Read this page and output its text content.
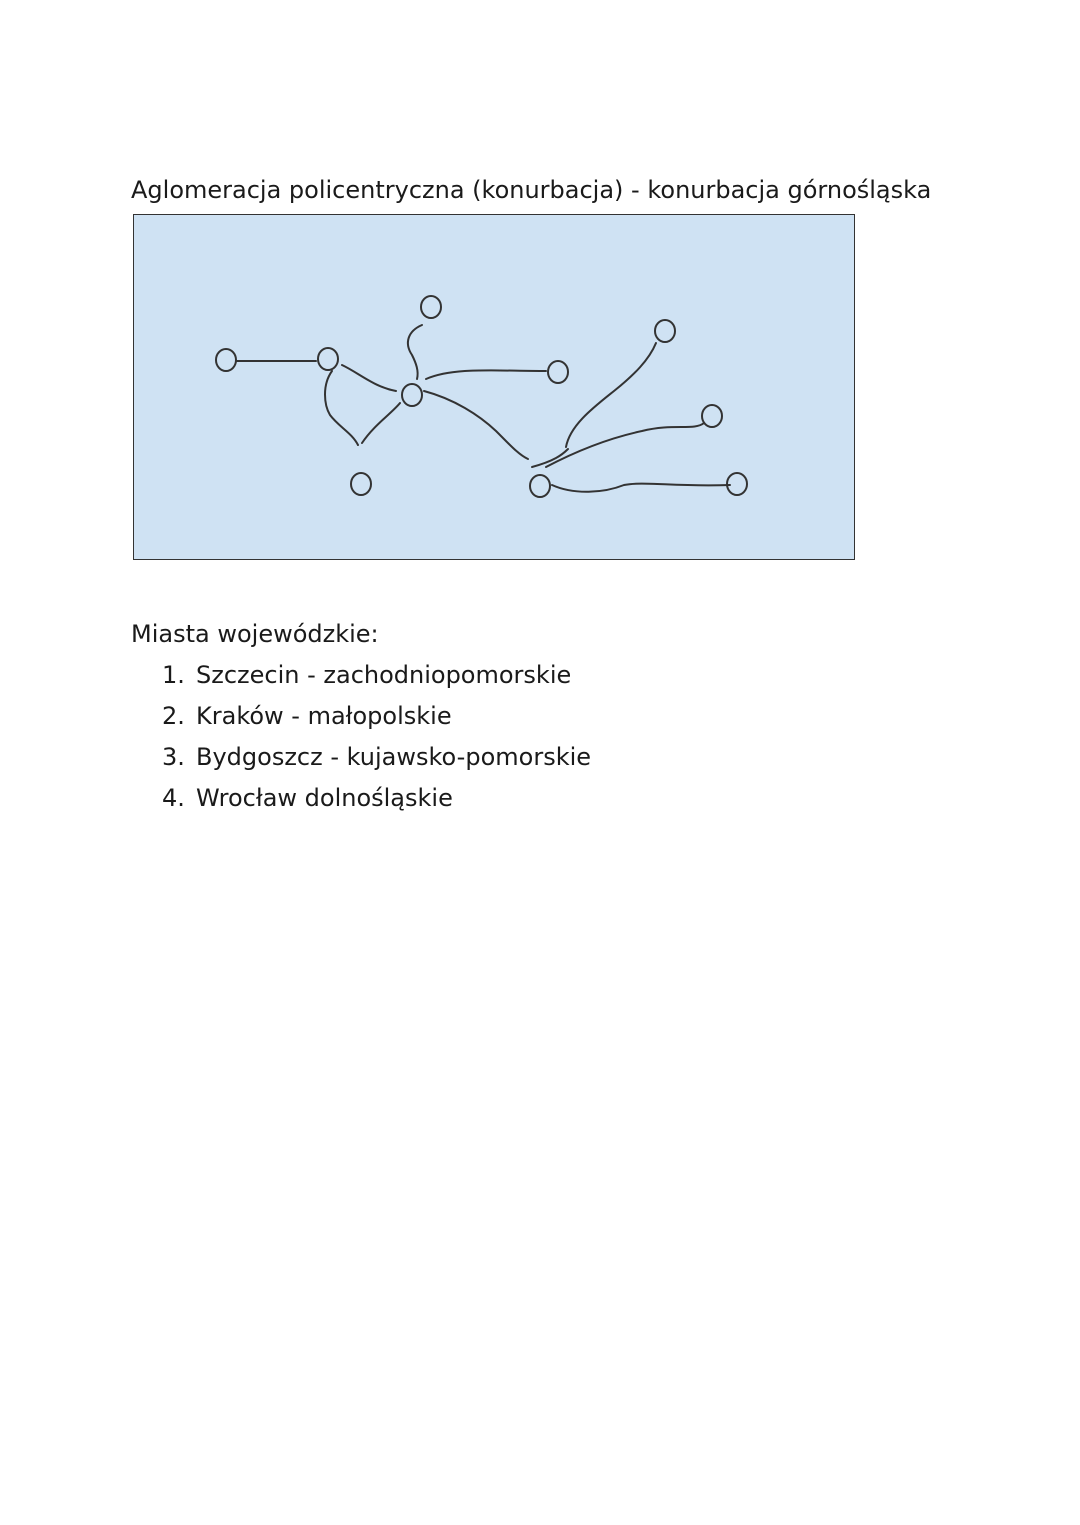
Aglomeracja policentryczna (konurbacja) - konurbacja górnośląska

Miasta wojewódzkie:

1. Szczecin - zachodniopomorskie
2. Kraków - małopolskie
3. Bydgoszcz - kujawsko-pomorskie
4. Wrocław dolnośląskie
